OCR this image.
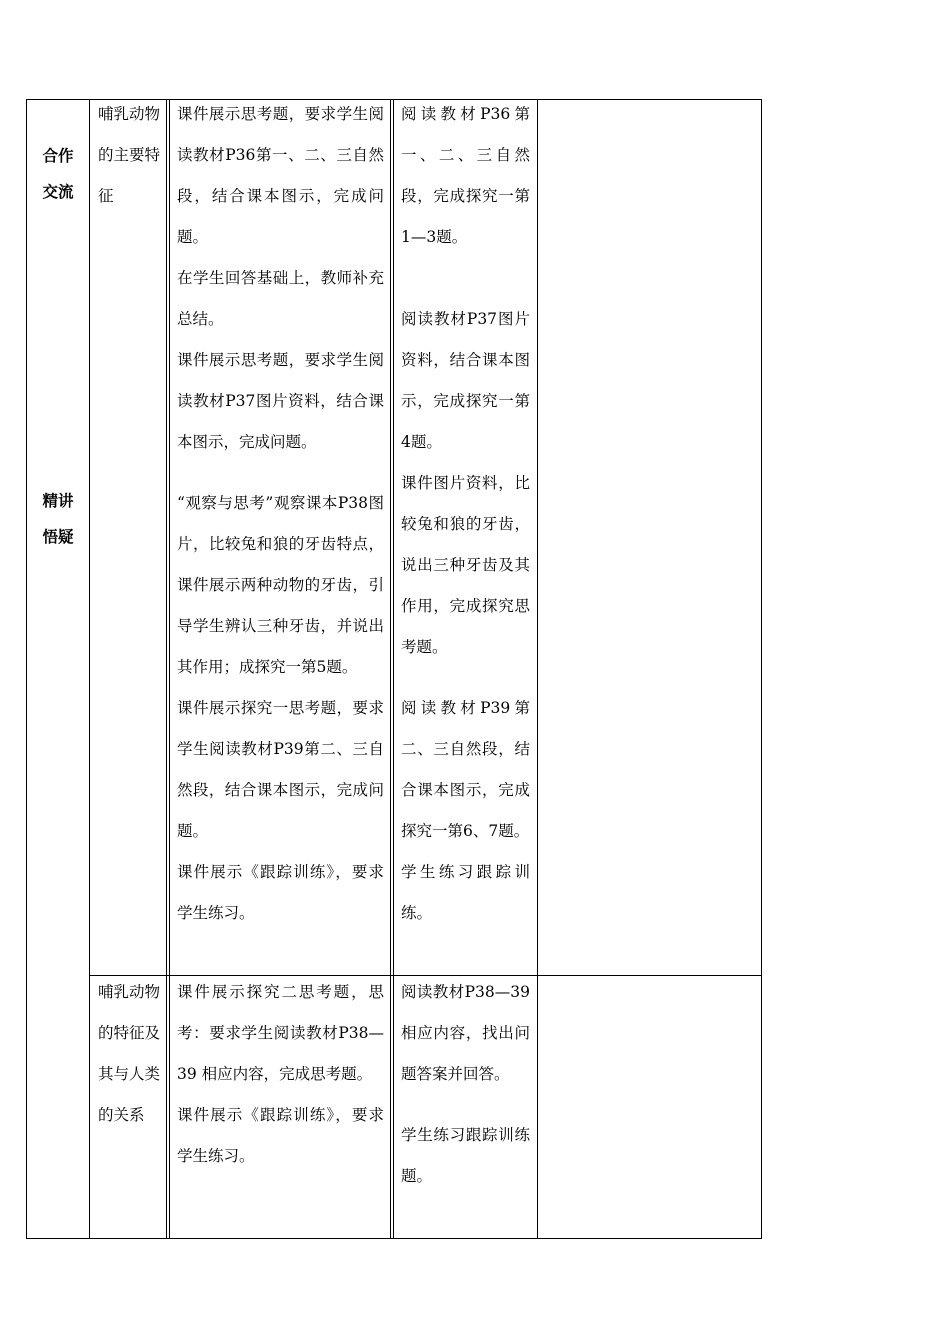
合作交流
精讲悟疑

哺乳动物的主要特征

课件展示思考题，要求学生阅读教材P36第一、二、三自然段，结合课本图示，完成问题。

在学生回答基础上，教师补充总结。

课件展示思考题，要求学生阅读教材P37图片资料，结合课本图示，完成问题。

“观察与思考”观察课本P38图片，比较兔和狼的牙齿特点，课件展示两种动物的牙齿，引导学生辨认三种牙齿，并说出其作用；成探究一第5题。

课件展示探究一思考题，要求学生阅读教材P39第二、三自然段，结合课本图示，完成问题。

课件展示《跟踪训练》，要求学生练习。

阅读教材P36第一、二、三自然段，完成探究一第1—3题。

阅读教材P37图片资料，结合课本图示，完成探究一第4题。

课件图片资料，比较兔和狼的牙齿，说出三种牙齿及其作用，完成探究思考题。

阅读教材P39第二、三自然段，结合课本图示，完成探究一第6、7题。

学生练习跟踪训练。

哺乳动物的特征及其与人类的关系

课件展示探究二思考题，思考：要求学生阅读教材P38—39 相应内容，完成思考题。

课件展示《跟踪训练》，要求学生练习。

阅读教材P38—39 相应内容，找出问题答案并回答。

学生练习跟踪训练题。
